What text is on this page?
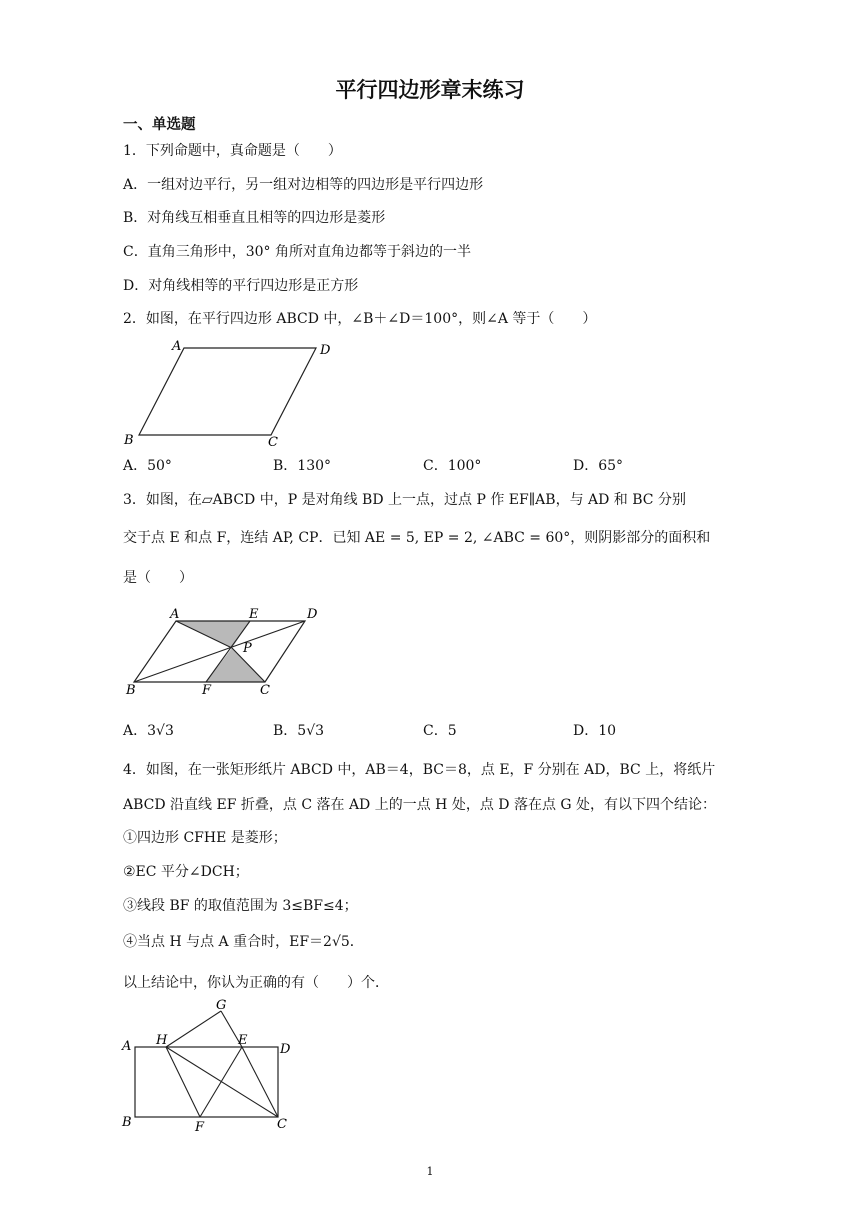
平行四边形章末练习
一、单选题
1．下列命题中，真命题是（　　）
A．一组对边平行，另一组对边相等的四边形是平行四边形
B．对角线互相垂直且相等的四边形是菱形
C．直角三角形中，30° 角所对直角边都等于斜边的一半
D．对角线相等的平行四边形是正方形
2．如图，在平行四边形 ABCD 中，∠B＋∠D＝100°，则∠A 等于（　　）
A	D
B	C
A．50°	B．130°	C．100°	D．65°
3．如图，在▱ABCD 中，P 是对角线 BD 上一点，过点 P 作 EF∥AB，与 AD 和 BC 分别
交于点 E 和点 F，连结 AP, CP．已知 AE = 5, EP = 2, ∠ABC = 60°，则阴影部分的面积和
是（　　）
A	E	D
P
B	F	C
A．3√3	B．5√3	C．5	D．10
4．如图，在一张矩形纸片 ABCD 中，AB＝4，BC＝8，点 E，F 分别在 AD，BC 上，将纸片
ABCD 沿直线 EF 折叠，点 C 落在 AD 上的一点 H 处，点 D 落在点 G 处，有以下四个结论：
①四边形 CFHE 是菱形；
②EC 平分∠DCH；
③线段 BF 的取值范围为 3≤BF≤4；
④当点 H 与点 A 重合时，EF＝2√5．
以上结论中，你认为正确的有（　　）个．
G
A H	E
D
B	F	C
1
